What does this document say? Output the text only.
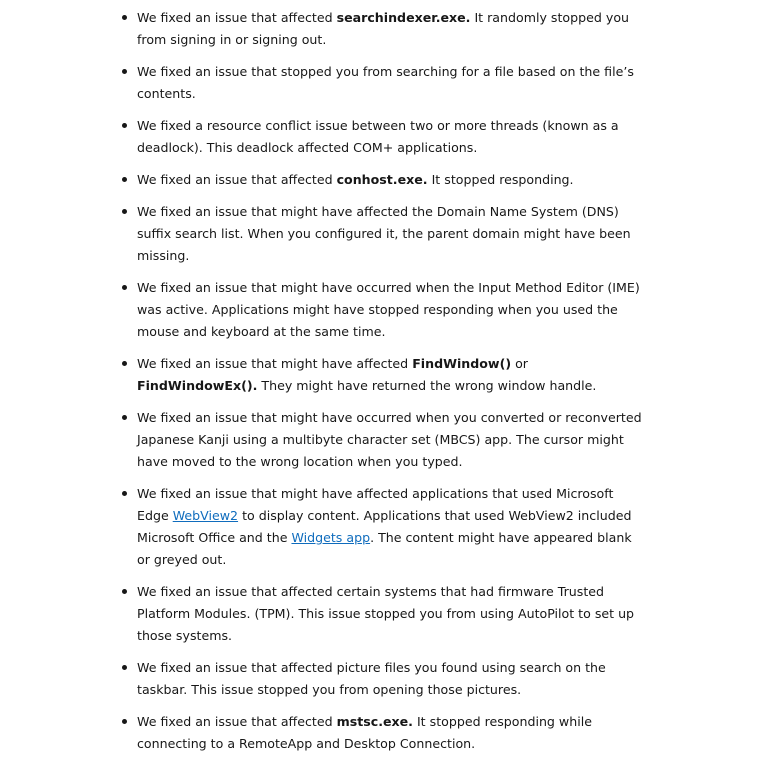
We fixed an issue that affected searchindexer.exe. It randomly stopped you from signing in or signing out.
We fixed an issue that stopped you from searching for a file based on the file’s contents.
We fixed a resource conflict issue between two or more threads (known as a deadlock). This deadlock affected COM+ applications.
We fixed an issue that affected conhost.exe. It stopped responding.
We fixed an issue that might have affected the Domain Name System (DNS) suffix search list. When you configured it, the parent domain might have been missing.
We fixed an issue that might have occurred when the Input Method Editor (IME) was active. Applications might have stopped responding when you used the mouse and keyboard at the same time.
We fixed an issue that might have affected FindWindow() or FindWindowEx(). They might have returned the wrong window handle.
We fixed an issue that might have occurred when you converted or reconverted Japanese Kanji using a multibyte character set (MBCS) app. The cursor might have moved to the wrong location when you typed.
We fixed an issue that might have affected applications that used Microsoft Edge WebView2 to display content. Applications that used WebView2 included Microsoft Office and the Widgets app. The content might have appeared blank or greyed out.
We fixed an issue that affected certain systems that had firmware Trusted Platform Modules. (TPM). This issue stopped you from using AutoPilot to set up those systems.
We fixed an issue that affected picture files you found using search on the taskbar. This issue stopped you from opening those pictures.
We fixed an issue that affected mstsc.exe. It stopped responding while connecting to a RemoteApp and Desktop Connection.
